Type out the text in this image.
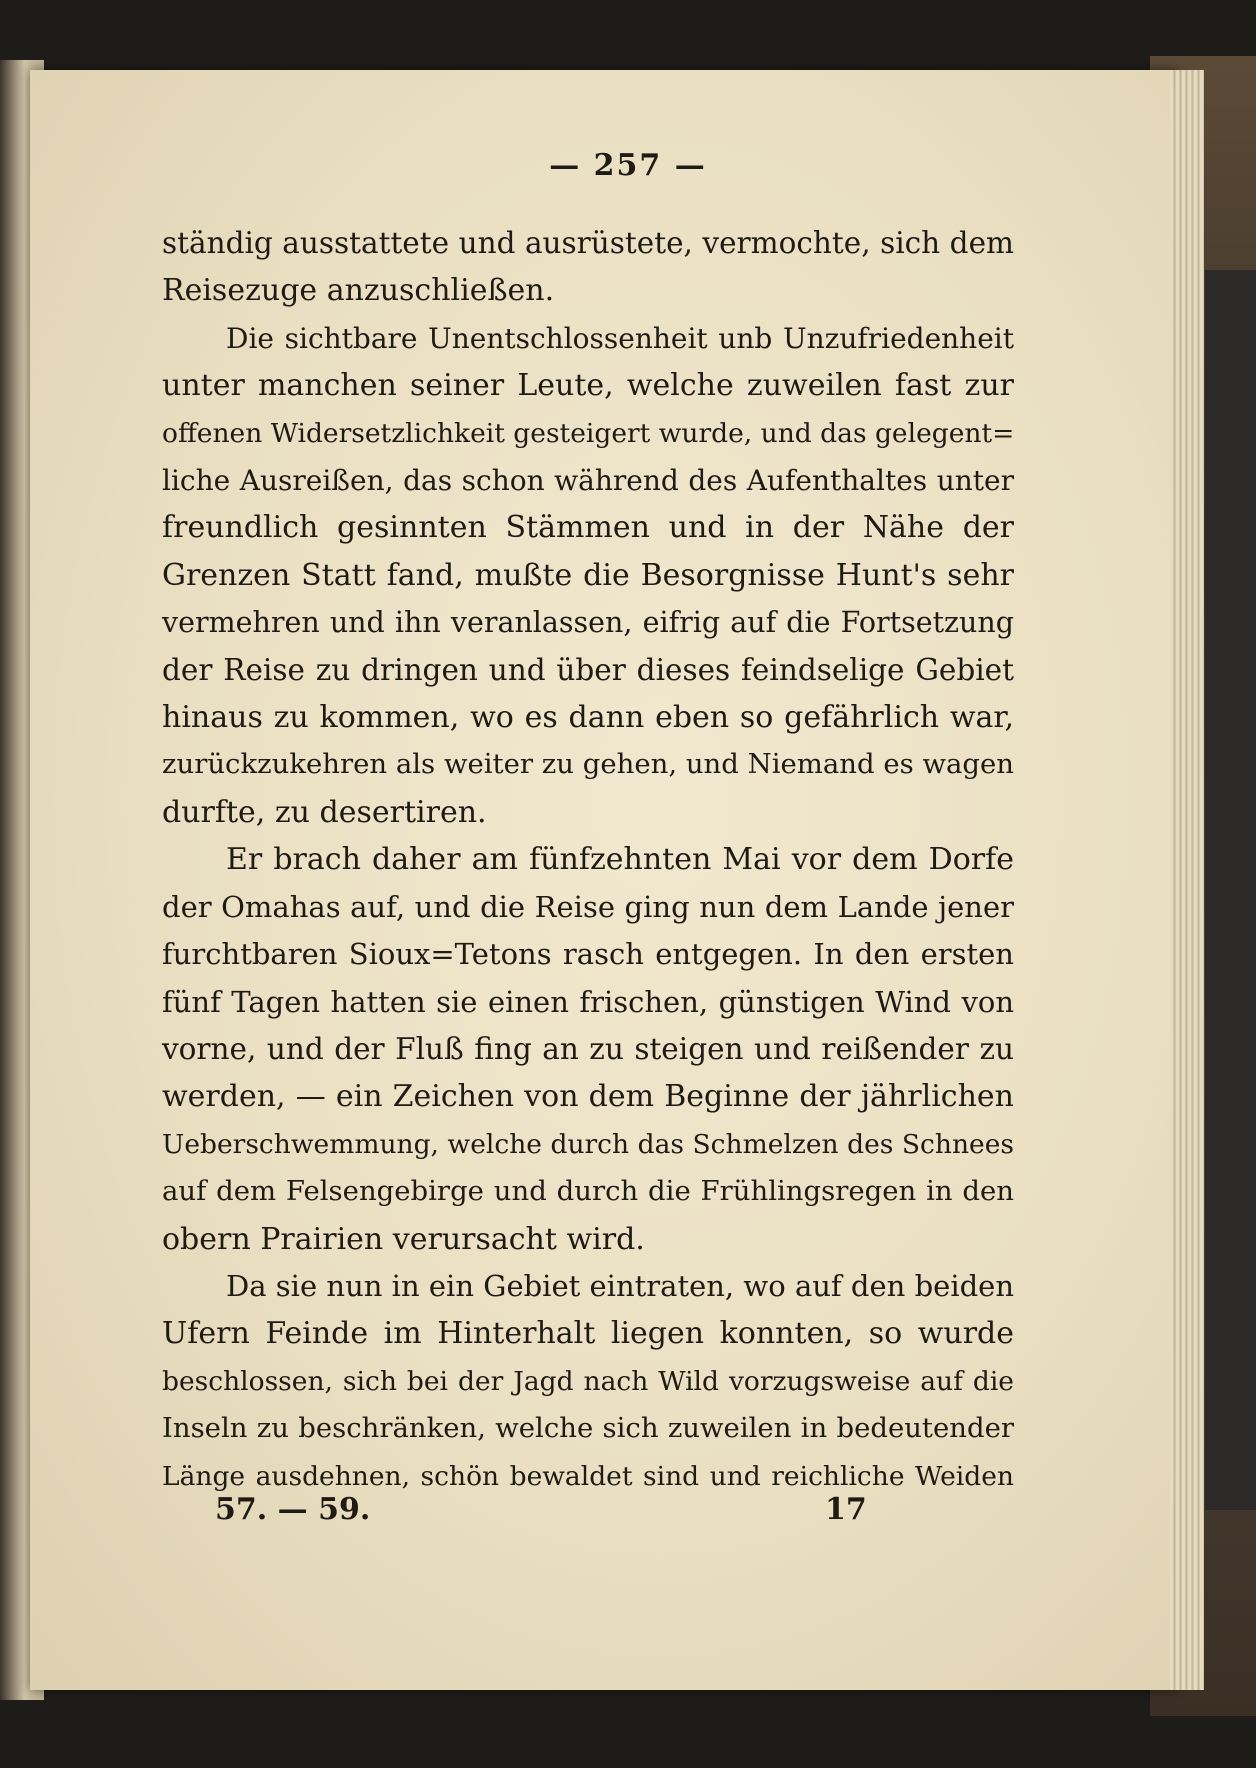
— 257 —
ständig ausstattete und ausrüstete, vermochte, sich dem
Reisezuge anzuschließen.
Die sichtbare Unentschlossenheit unb Unzufriedenheit
unter manchen seiner Leute, welche zuweilen fast zur
offenen Widersetzlichkeit gesteigert wurde, und das gelegent=
liche Ausreißen, das schon während des Aufenthaltes unter
freundlich gesinnten Stämmen und in der Nähe der
Grenzen Statt fand, mußte die Besorgnisse Hunt's sehr
vermehren und ihn veranlassen, eifrig auf die Fortsetzung
der Reise zu dringen und über dieses feindselige Gebiet
hinaus zu kommen, wo es dann eben so gefährlich war,
zurückzukehren als weiter zu gehen, und Niemand es wagen
durfte, zu desertiren.
Er brach daher am fünfzehnten Mai vor dem Dorfe
der Omahas auf, und die Reise ging nun dem Lande jener
furchtbaren Sioux=Tetons rasch entgegen. In den ersten
fünf Tagen hatten sie einen frischen, günstigen Wind von
vorne, und der Fluß fing an zu steigen und reißender zu
werden, — ein Zeichen von dem Beginne der jährlichen
Ueberschwemmung, welche durch das Schmelzen des Schnees
auf dem Felsengebirge und durch die Frühlingsregen in den
obern Prairien verursacht wird.
Da sie nun in ein Gebiet eintraten, wo auf den beiden
Ufern Feinde im Hinterhalt liegen konnten, so wurde
beschlossen, sich bei der Jagd nach Wild vorzugsweise auf die
Inseln zu beschränken, welche sich zuweilen in bedeutender
Länge ausdehnen, schön bewaldet sind und reichliche Weiden
57. — 59.	17
